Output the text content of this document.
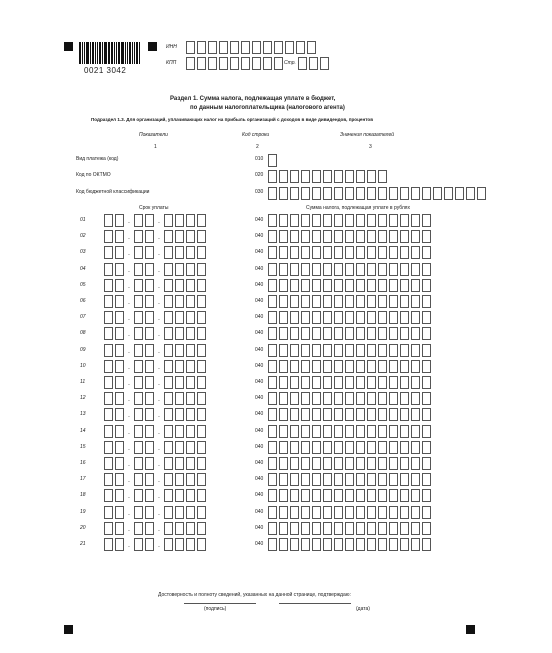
0021 3042
ИНН
КПП	Стр.
Раздел 1. Сумма налога, подлежащая уплате в бюджет,
по данным налогоплательщика (налогового агента)
Подраздел 1.3. Для организаций, уплачивающих налог на прибыль организаций с доходов в виде дивидендов, процентов
Показатели	Код строки	Значения показателей
1	2	3
Вид платежа (код)	010
Код по ОКТМО	020
Код бюджетной классификации	030
Срок уплаты	Сумма налога, подлежащая уплате в рублях
01	.	.	040
02	.	.	040
03	.	.	040
04	.	.	040
05	.	.	040
06	.	.	040
07	.	.	040
08	.	.	040
09	.	.	040
10	.	.	040
11	.	.	040
12	.	.	040
13	.	.	040
14	.	.	040
15	.	.	040
16	.	.	040
17	.	.	040
18	.	.	040
19	.	.	040
20	.	.	040
21	.	.	040
Достоверность и полноту сведений, указанных на данной странице, подтверждаю:
(подпись)	(дата)
